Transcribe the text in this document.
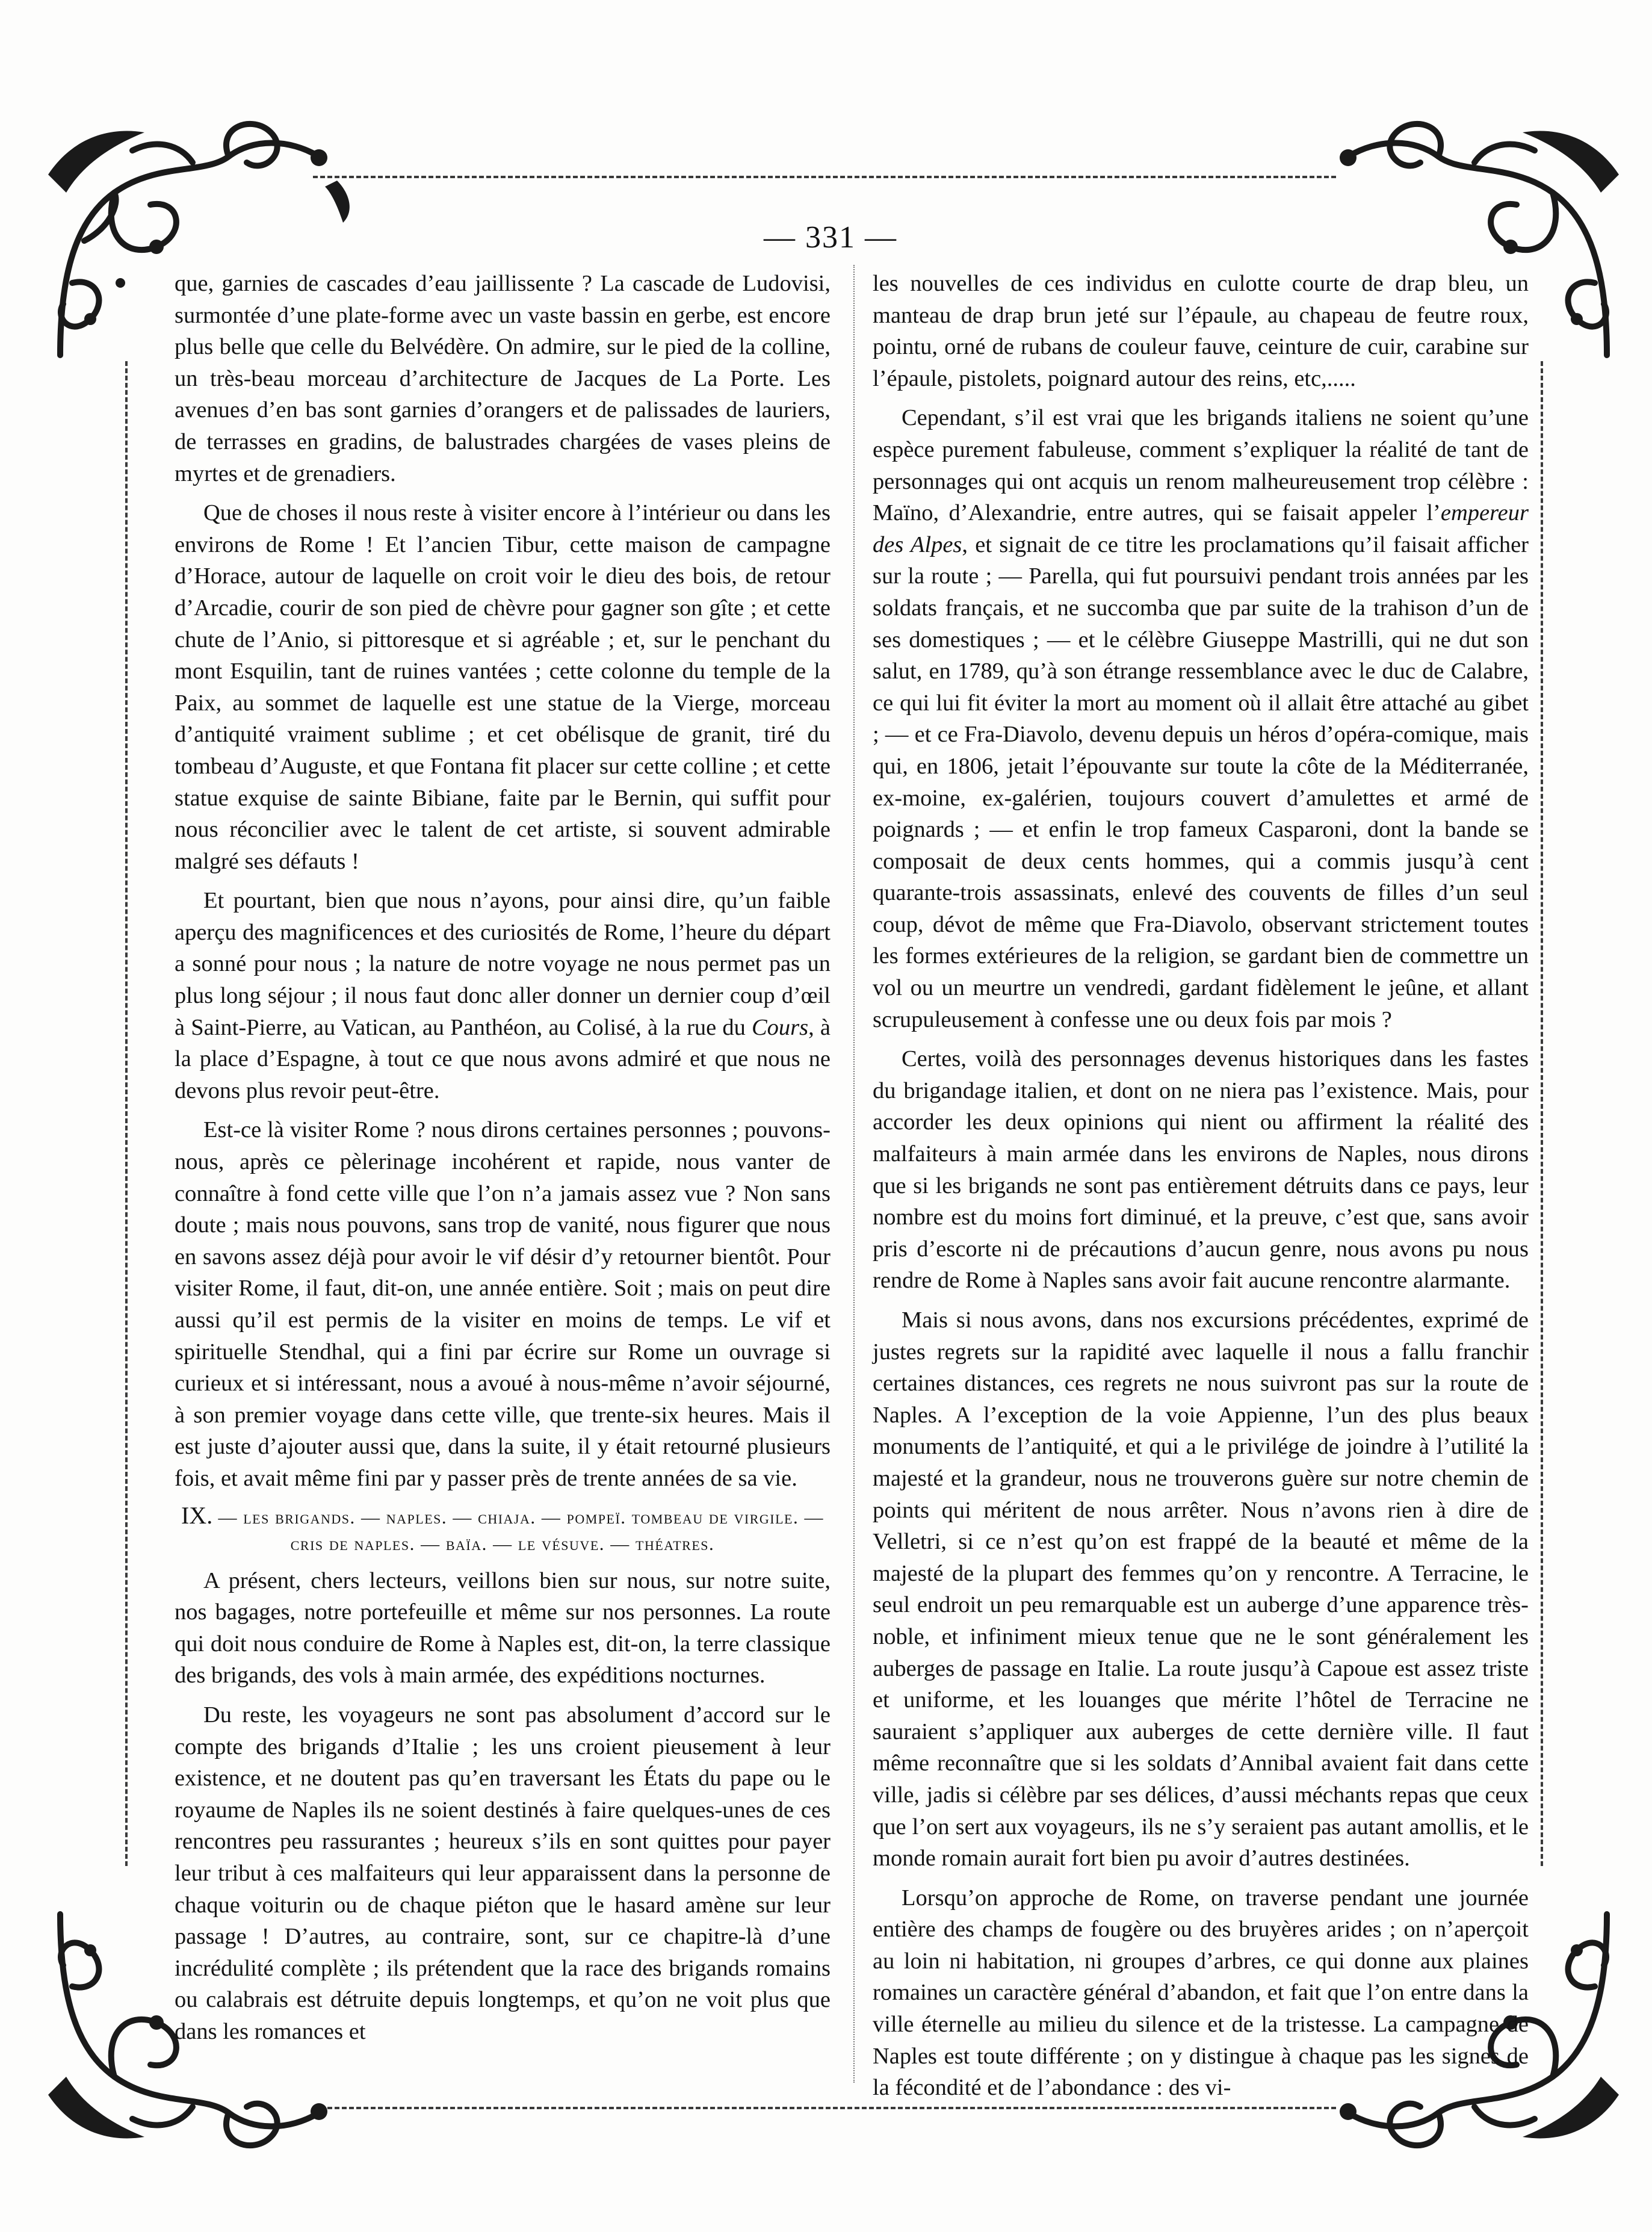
— 331 —

que, garnies de cascades d’eau jaillissente ? La cascade de Ludovisi, surmontée d’une plate-forme avec un vaste bassin en gerbe, est encore plus belle que celle du Belvédère. On admire, sur le pied de la colline, un très-beau morceau d’architecture de Jacques de La Porte. Les avenues d’en bas sont garnies d’orangers et de palissades de lauriers, de terrasses en gradins, de balustrades chargées de vases pleins de myrtes et de grenadiers.

Que de choses il nous reste à visiter encore à l’intérieur ou dans les environs de Rome ! Et l’ancien Tibur, cette maison de campagne d’Horace, autour de laquelle on croit voir le dieu des bois, de retour d’Arcadie, courir de son pied de chèvre pour gagner son gîte ; et cette chute de l’Anio, si pittoresque et si agréable ; et, sur le penchant du mont Esquilin, tant de ruines vantées ; cette colonne du temple de la Paix, au sommet de laquelle est une statue de la Vierge, morceau d’antiquité vraiment sublime ; et cet obélisque de granit, tiré du tombeau d’Auguste, et que Fontana fit placer sur cette colline ; et cette statue exquise de sainte Bibiane, faite par le Bernin, qui suffit pour nous réconcilier avec le talent de cet artiste, si souvent admirable malgré ses défauts !

Et pourtant, bien que nous n’ayons, pour ainsi dire, qu’un faible aperçu des magnificences et des curiosités de Rome, l’heure du départ a sonné pour nous ; la nature de notre voyage ne nous permet pas un plus long séjour ; il nous faut donc aller donner un dernier coup d’œil à Saint-Pierre, au Vatican, au Panthéon, au Colisé, à la rue du Cours, à la place d’Espagne, à tout ce que nous avons admiré et que nous ne devons plus revoir peut-être.

Est-ce là visiter Rome ? nous dirons certaines personnes ; pouvons-nous, après ce pèlerinage incohérent et rapide, nous vanter de connaître à fond cette ville que l’on n’a jamais assez vue ? Non sans doute ; mais nous pouvons, sans trop de vanité, nous figurer que nous en savons assez déjà pour avoir le vif désir d’y retourner bientôt. Pour visiter Rome, il faut, dit-on, une année entière. Soit ; mais on peut dire aussi qu’il est permis de la visiter en moins de temps. Le vif et spirituelle Stendhal, qui a fini par écrire sur Rome un ouvrage si curieux et si intéressant, nous a avoué à nous-même n’avoir séjourné, à son premier voyage dans cette ville, que trente-six heures. Mais il est juste d’ajouter aussi que, dans la suite, il y était retourné plusieurs fois, et avait même fini par y passer près de trente années de sa vie.

IX. — les brigands. — naples. — chiaja. — pompeï. tombeau de virgile. — cris de naples. — baïa. — le vésuve. — théatres.

A présent, chers lecteurs, veillons bien sur nous, sur notre suite, nos bagages, notre portefeuille et même sur nos personnes. La route qui doit nous conduire de Rome à Naples est, dit-on, la terre classique des brigands, des vols à main armée, des expéditions nocturnes.

Du reste, les voyageurs ne sont pas absolument d’accord sur le compte des brigands d’Italie ; les uns croient pieusement à leur existence, et ne doutent pas qu’en traversant les États du pape ou le royaume de Naples ils ne soient destinés à faire quelques-unes de ces rencontres peu rassurantes ; heureux s’ils en sont quittes pour payer leur tribut à ces malfaiteurs qui leur apparaissent dans la personne de chaque voiturin ou de chaque piéton que le hasard amène sur leur passage ! D’autres, au contraire, sont, sur ce chapitre-là d’une incrédulité complète ; ils prétendent que la race des brigands romains ou calabrais est détruite depuis longtemps, et qu’on ne voit plus que dans les romances et

les nouvelles de ces individus en culotte courte de drap bleu, un manteau de drap brun jeté sur l’épaule, au chapeau de feutre roux, pointu, orné de rubans de couleur fauve, ceinture de cuir, carabine sur l’épaule, pistolets, poignard autour des reins, etc,.....

Cependant, s’il est vrai que les brigands italiens ne soient qu’une espèce purement fabuleuse, comment s’expliquer la réalité de tant de personnages qui ont acquis un renom malheureusement trop célèbre : Maïno, d’Alexandrie, entre autres, qui se faisait appeler l’empereur des Alpes, et signait de ce titre les proclamations qu’il faisait afficher sur la route ; — Parella, qui fut poursuivi pendant trois années par les soldats français, et ne succomba que par suite de la trahison d’un de ses domestiques ; — et le célèbre Giuseppe Mastrilli, qui ne dut son salut, en 1789, qu’à son étrange ressemblance avec le duc de Calabre, ce qui lui fit éviter la mort au moment où il allait être attaché au gibet ; — et ce Fra-Diavolo, devenu depuis un héros d’opéra-comique, mais qui, en 1806, jetait l’épouvante sur toute la côte de la Méditerranée, ex-moine, ex-galérien, toujours couvert d’amulettes et armé de poignards ; — et enfin le trop fameux Casparoni, dont la bande se composait de deux cents hommes, qui a commis jusqu’à cent quarante-trois assassinats, enlevé des couvents de filles d’un seul coup, dévot de même que Fra-Diavolo, observant strictement toutes les formes extérieures de la religion, se gardant bien de commettre un vol ou un meurtre un vendredi, gardant fidèlement le jeûne, et allant scrupuleusement à confesse une ou deux fois par mois ?

Certes, voilà des personnages devenus historiques dans les fastes du brigandage italien, et dont on ne niera pas l’existence. Mais, pour accorder les deux opinions qui nient ou affirment la réalité des malfaiteurs à main armée dans les environs de Naples, nous dirons que si les brigands ne sont pas entièrement détruits dans ce pays, leur nombre est du moins fort diminué, et la preuve, c’est que, sans avoir pris d’escorte ni de précautions d’aucun genre, nous avons pu nous rendre de Rome à Naples sans avoir fait aucune rencontre alarmante.

Mais si nous avons, dans nos excursions précédentes, exprimé de justes regrets sur la rapidité avec laquelle il nous a fallu franchir certaines distances, ces regrets ne nous suivront pas sur la route de Naples. A l’exception de la voie Appienne, l’un des plus beaux monuments de l’antiquité, et qui a le privilége de joindre à l’utilité la majesté et la grandeur, nous ne trouverons guère sur notre chemin de points qui méritent de nous arrêter. Nous n’avons rien à dire de Velletri, si ce n’est qu’on est frappé de la beauté et même de la majesté de la plupart des femmes qu’on y rencontre. A Terracine, le seul endroit un peu remarquable est un auberge d’une apparence très-noble, et infiniment mieux tenue que ne le sont généralement les auberges de passage en Italie. La route jusqu’à Capoue est assez triste et uniforme, et les louanges que mérite l’hôtel de Terracine ne sauraient s’appliquer aux auberges de cette dernière ville. Il faut même reconnaître que si les soldats d’Annibal avaient fait dans cette ville, jadis si célèbre par ses délices, d’aussi méchants repas que ceux que l’on sert aux voyageurs, ils ne s’y seraient pas autant amollis, et le monde romain aurait fort bien pu avoir d’autres destinées.

Lorsqu’on approche de Rome, on traverse pendant une journée entière des champs de fougère ou des bruyères arides ; on n’aperçoit au loin ni habitation, ni groupes d’arbres, ce qui donne aux plaines romaines un caractère général d’abandon, et fait que l’on entre dans la ville éternelle au milieu du silence et de la tristesse. La campagne de Naples est toute différente ; on y distingue à chaque pas les signes de la fécondité et de l’abondance : des vi-
